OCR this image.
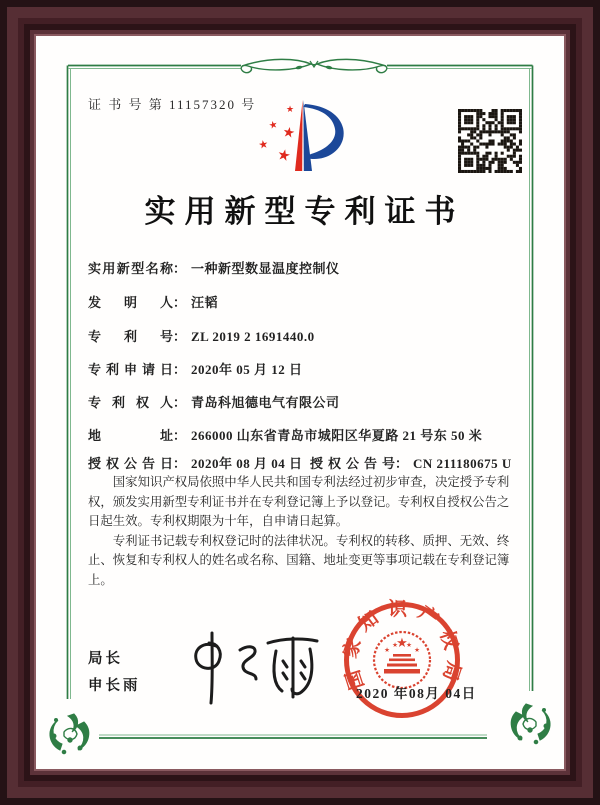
证 书 号 第 11157320 号	★
★ ★
★
★
实用新型专利证书
实用新型名称： 一种新型数显温度控制仪
发明人： 汪韬
专利号： ZL 2019 2 1691440.0
专利申请日： 2020年 05 月 12 日
专利权人： 青岛科旭德电气有限公司
地址： 266000 山东省青岛市城阳区华夏路 21 号东 50 米
授权公告日： 2020年 08 月 04 日 授权公告号： CN 211180675 U

国家知识产权局依照中华人民共和国专利法经过初步审查，决定授予专利权，颁发实用新型专利证书并在专利登记簿上予以登记。专利权自授权公告之日起生效。专利权期限为十年，自申请日起算。

专利证书记载专利权登记时的法律状况。专利权的转移、质押、无效、终止、恢复和专利权人的姓名或名称、国籍、地址变更等事项记载在专利登记簿上。

局长
申长雨	国家知识产权局
★
★
★ ★
★
2020 年08月 04日
